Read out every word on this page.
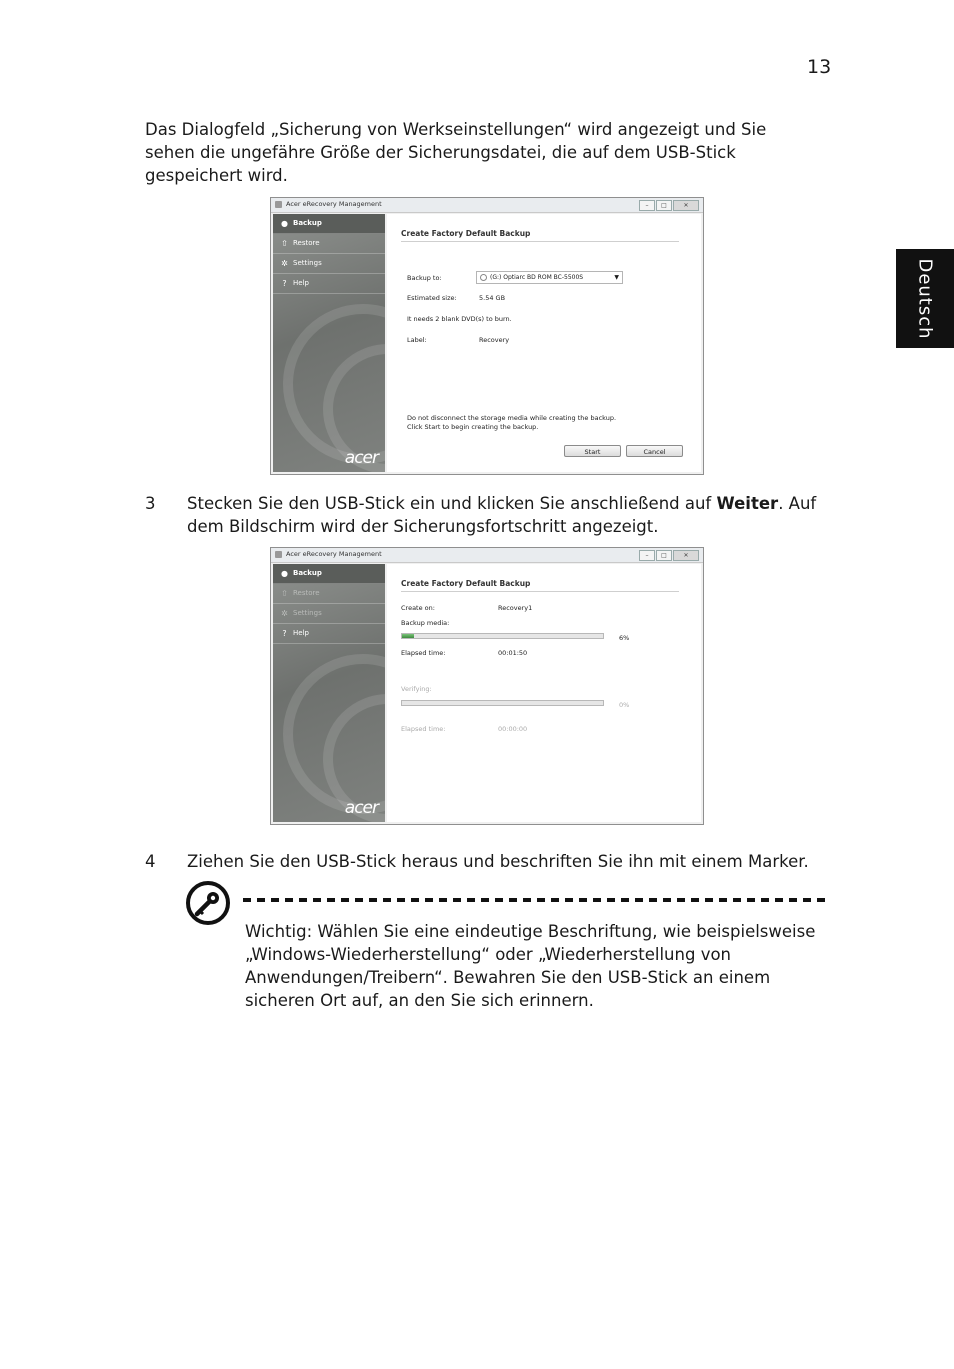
13
Deutsch
Das Dialogfeld „Sicherung von Werkseinstellungen“ wird angezeigt und Sie sehen die ungefähre Größe der Sicherungsdatei, die auf dem USB-Stick gespeichert wird.
Acer eRecovery Management	–	□	✕
● Backup
⇧ Restore
✲ Settings
? Help
acer
Create Factory Default Backup
Backup to:	(G:) Optiarc BD ROM BC-5500S	▼
Estimated size:	5.54 GB
It needs 2 blank DVD(s) to burn.
Label:	Recovery
Do not disconnect the storage media while creating the backup.
Click Start to begin creating the backup.
Start	Cancel
3	Stecken Sie den USB-Stick ein und klicken Sie anschließend auf Weiter. Auf dem Bildschirm wird der Sicherungsfortschritt angezeigt.
Acer eRecovery Management	–	□	✕
● Backup
⇧ Restore
✲ Settings
? Help
acer
Create Factory Default Backup
Create on:	Recovery1
Backup media:
6%
Elapsed time:	00:01:50
Verifying:
0%
Elapsed time:	00:00:00
4	Ziehen Sie den USB-Stick heraus und beschriften Sie ihn mit einem Marker.
Wichtig: Wählen Sie eine eindeutige Beschriftung, wie beispielsweise „Windows-Wiederherstellung“ oder „Wiederherstellung von Anwendungen/Treibern“. Bewahren Sie den USB-Stick an einem sicheren Ort auf, an den Sie sich erinnern.
